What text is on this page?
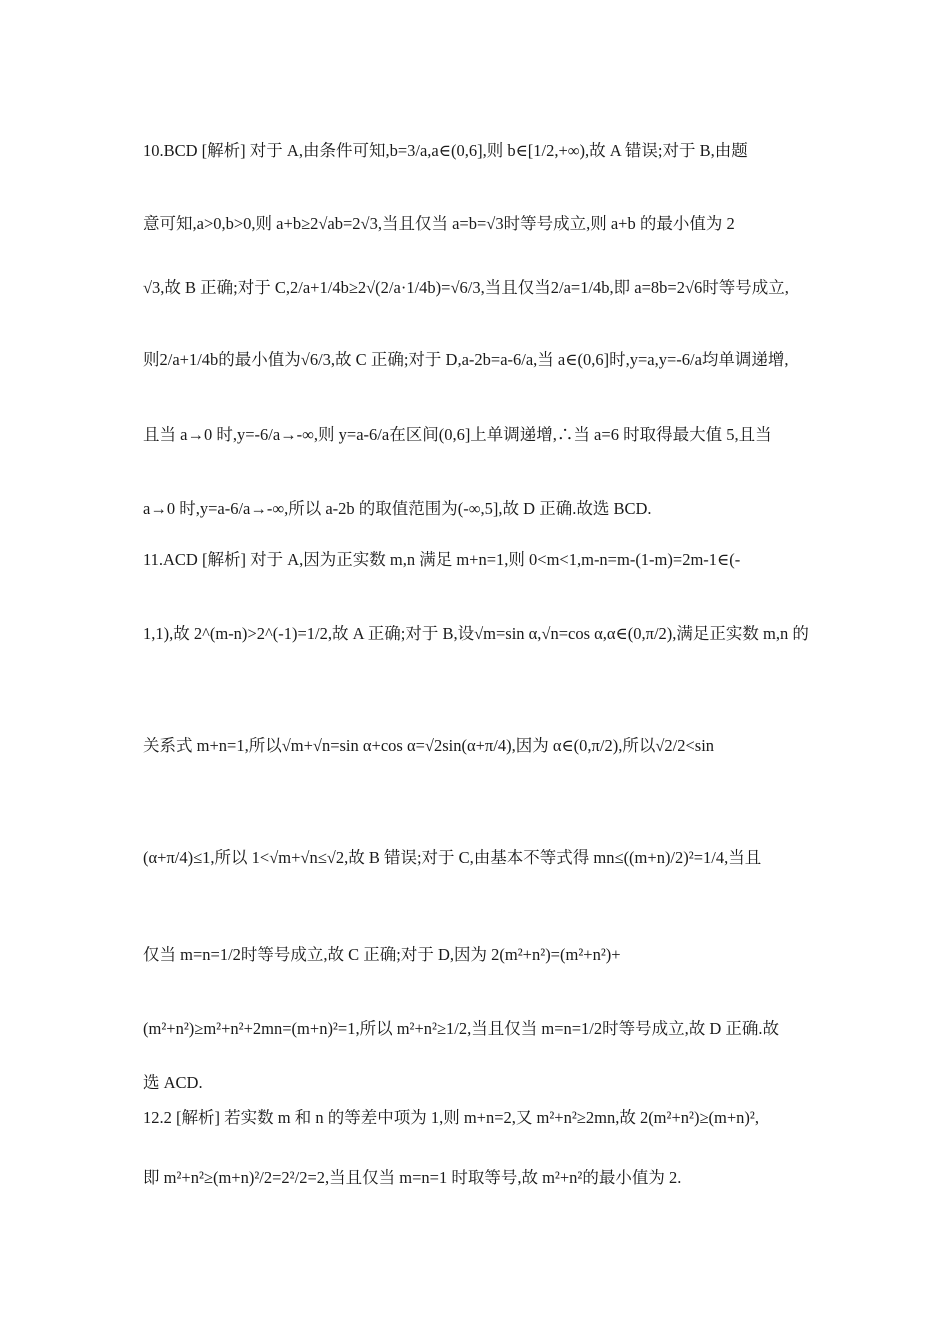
10.BCD [解析] 对于 A,由条件可知,b=3/a,a∈(0,6],则 b∈[1/2,+∞),故 A 错误;对于 B,由题
意可知,a>0,b>0,则 a+b≥2√ab=2√3,当且仅当 a=b=√3时等号成立,则 a+b 的最小值为 2
√3,故 B 正确;对于 C,2/a+1/4b≥2√(2/a·1/4b)=√6/3,当且仅当2/a=1/4b,即 a=8b=2√6时等号成立,
则2/a+1/4b的最小值为√6/3,故 C 正确;对于 D,a-2b=a-6/a,当 a∈(0,6]时,y=a,y=-6/a均单调递增,
且当 a→0 时,y=-6/a→-∞,则 y=a-6/a在区间(0,6]上单调递增,∴当 a=6 时取得最大值 5,且当
a→0 时,y=a-6/a→-∞,所以 a-2b 的取值范围为(-∞,5],故 D 正确.故选 BCD.
11.ACD [解析] 对于 A,因为正实数 m,n 满足 m+n=1,则 0<m<1,m-n=m-(1-m)=2m-1∈(-
1,1),故 2^(m-n)>2^(-1)=1/2,故 A 正确;对于 B,设√m=sin α,√n=cos α,α∈(0,π/2),满足正实数 m,n 的
关系式 m+n=1,所以√m+√n=sin α+cos α=√2sin(α+π/4),因为 α∈(0,π/2),所以√2/2<sin
(α+π/4)≤1,所以 1<√m+√n≤√2,故 B 错误;对于 C,由基本不等式得 mn≤((m+n)/2)²=1/4,当且
仅当 m=n=1/2时等号成立,故 C 正确;对于 D,因为 2(m²+n²)=(m²+n²)+
(m²+n²)≥m²+n²+2mn=(m+n)²=1,所以 m²+n²≥1/2,当且仅当 m=n=1/2时等号成立,故 D 正确.故
选 ACD.
12.2 [解析] 若实数 m 和 n 的等差中项为 1,则 m+n=2,又 m²+n²≥2mn,故 2(m²+n²)≥(m+n)²,
即 m²+n²≥(m+n)²/2=2²/2=2,当且仅当 m=n=1 时取等号,故 m²+n²的最小值为 2.
